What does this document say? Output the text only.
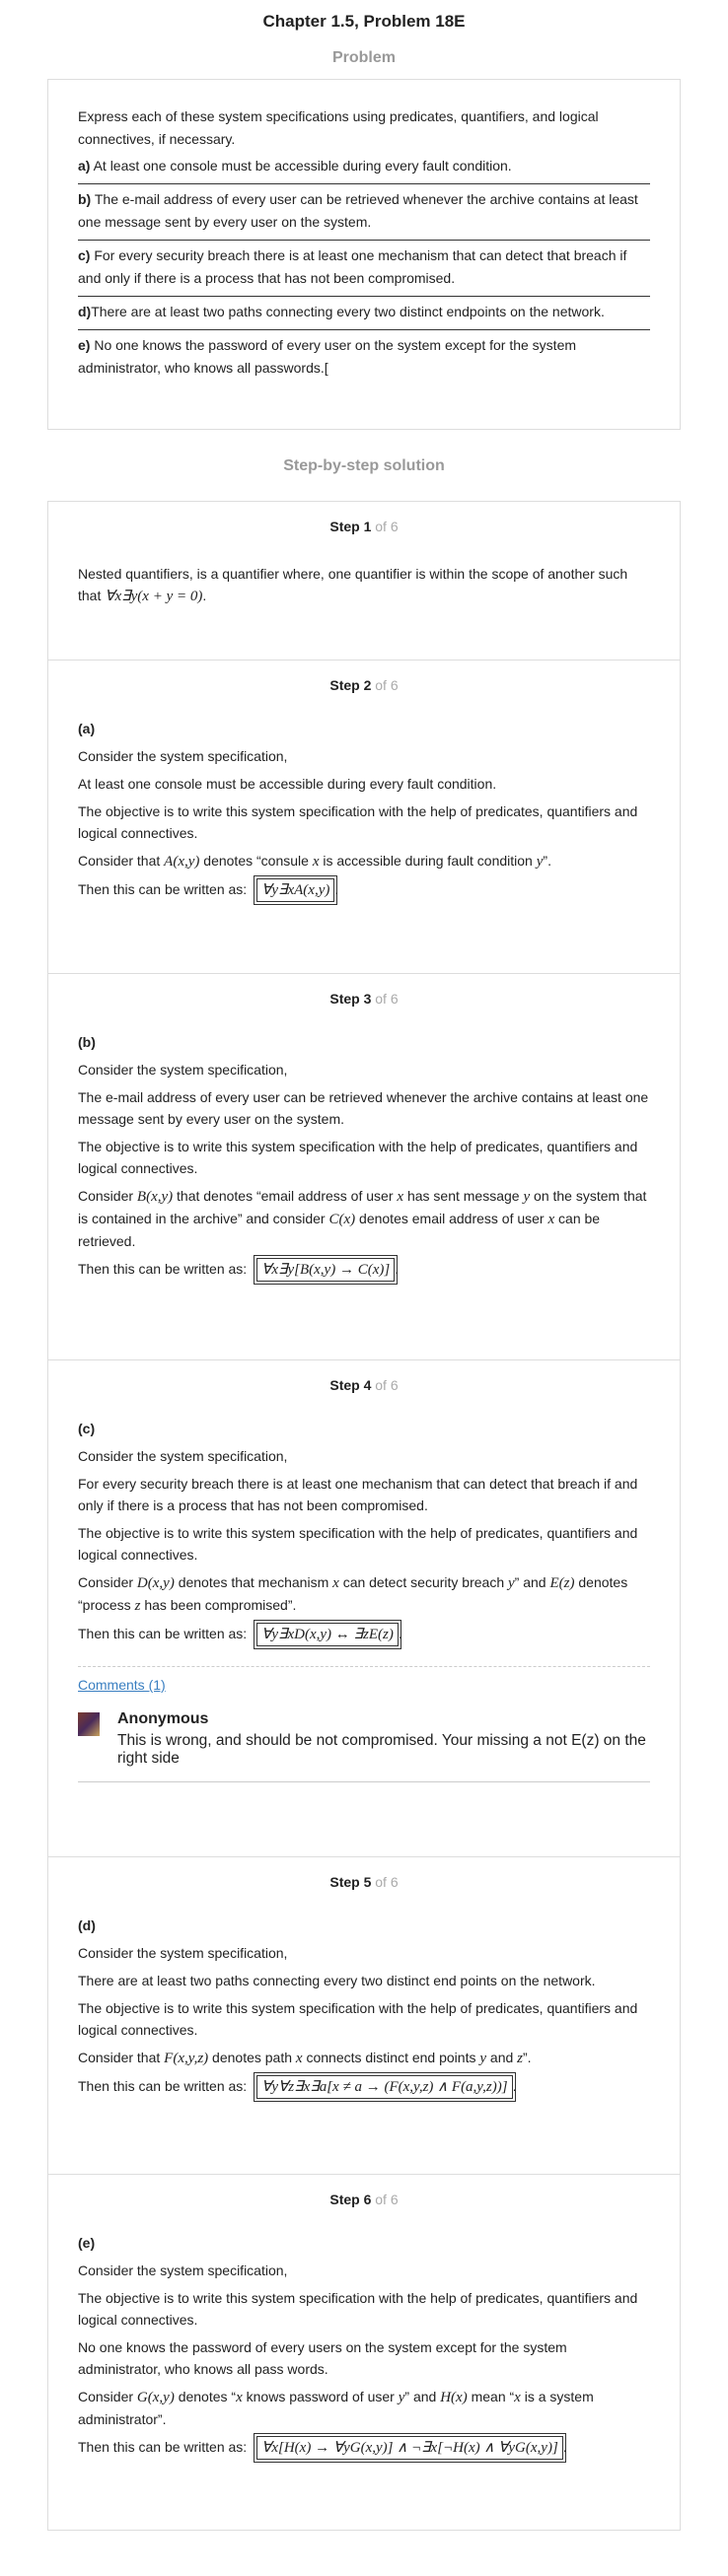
Chapter 1.5, Problem 18E
Problem

Express each of these system specifications using predicates, quantifiers, and logical connectives, if necessary.

a) At least one console must be accessible during every fault condition.

b) The e-mail address of every user can be retrieved whenever the archive contains at least one message sent by every user on the system.

c) For every security breach there is at least one mechanism that can detect that breach if and only if there is a process that has not been compromised.

d)There are at least two paths connecting every two distinct endpoints on the network.

e) No one knows the password of every user on the system except for the system administrator, who knows all passwords.[

Step-by-step solution
Step 1 of 6

Nested quantifiers, is a quantifier where, one quantifier is within the scope of another such that ∀x∃y(x + y = 0).

Step 2 of 6

(a)

Consider the system specification,

At least one console must be accessible during every fault condition.

The objective is to write this system specification with the help of predicates, quantifiers and logical connectives.

Consider that A(x,y) denotes “consule x is accessible during fault condition y”.

Then this can be written as: ∀y∃xA(x,y) .

Step 3 of 6

(b)

Consider the system specification,

The e-mail address of every user can be retrieved whenever the archive contains at least one message sent by every user on the system.

The objective is to write this system specification with the help of predicates, quantifiers and logical connectives.

Consider B(x,y) that denotes “email address of user x has sent message y on the system that is contained in the archive” and consider C(x) denotes email address of user x can be retrieved.

Then this can be written as: ∀x∃y[B(x,y) → C(x)] .

Step 4 of 6

(c)

Consider the system specification,

For every security breach there is at least one mechanism that can detect that breach if and only if there is a process that has not been compromised.

The objective is to write this system specification with the help of predicates, quantifiers and logical connectives.

Consider D(x,y) denotes that mechanism x can detect security breach y” and E(z) denotes “process z has been compromised”.

Then this can be written as: ∀y∃xD(x,y) ↔ ∃zE(z) .

Comments (1)
Anonymous
This is wrong, and should be not compromised. Your missing a not E(z) on the right side
Step 5 of 6

(d)

Consider the system specification,

There are at least two paths connecting every two distinct end points on the network.

The objective is to write this system specification with the help of predicates, quantifiers and logical connectives.

Consider that F(x,y,z) denotes path x connects distinct end points y and z”.

Then this can be written as: ∀y∀z∃x∃a[x ≠ a → (F(x,y,z) ∧ F(a,y,z))] .

Step 6 of 6

(e)

Consider the system specification,

The objective is to write this system specification with the help of predicates, quantifiers and logical connectives.

No one knows the password of every users on the system except for the system administrator, who knows all pass words.

Consider G(x,y) denotes “x knows password of user y” and H(x) mean “x is a system administrator”.

Then this can be written as: ∀x[H(x) → ∀yG(x,y)] ∧ ¬∃x[¬H(x) ∧ ∀yG(x,y)] .
